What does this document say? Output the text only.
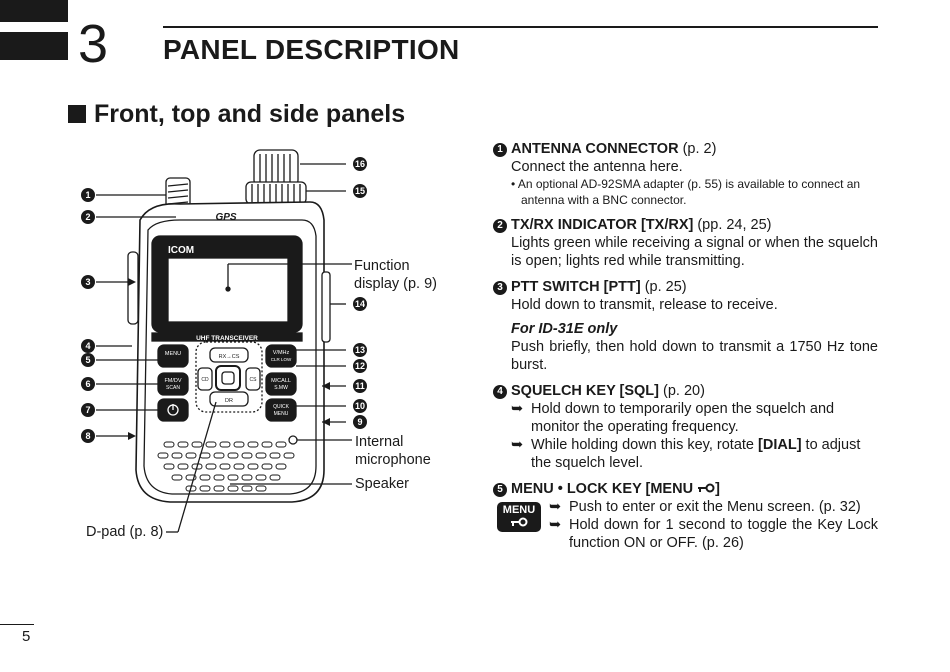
3 PANEL DESCRIPTION
Front, top and side panels
1
2
3
4
5
6
7
8
9
10
11
12
13
14
15
16
ICOM
GPS
UHF TRANSCEIVER
MENU
FM/DV
SCAN
RX→CS
CD	CS
DR
V/MHz
CLR LOW
M/CALL
S.MW
QUICK
MENU
Function
display (p. 9)
Internal
microphone
Speaker
D-pad (p. 8)
1 ANTENNA CONNECTOR (p. 2)
Connect the antenna here.
• An optional AD-92SMA adapter (p. 55) is available to connect an antenna with a BNC connector.
2 TX/RX INDICATOR [TX/RX] (pp. 24, 25)
Lights green while receiving a signal or when the squelch is open; lights red while transmitting.
3 PTT SWITCH [PTT] (p. 25)
Hold down to transmit, release to receive.
For ID-31E only
Push briefly, then hold down to transmit a 1750 Hz tone burst.
4 SQUELCH KEY [SQL] (p. 20)
➥ Hold down to temporarily open the squelch and monitor the operating frequency.
➥ While holding down this key, rotate [DIAL] to adjust the squelch level.
5 MENU • LOCK KEY [MENU ]
MENU ➥ Push to enter or exit the Menu screen. (p. 32)
➥ Hold down for 1 second to toggle the Key Lock function ON or OFF. (p. 26)
5
